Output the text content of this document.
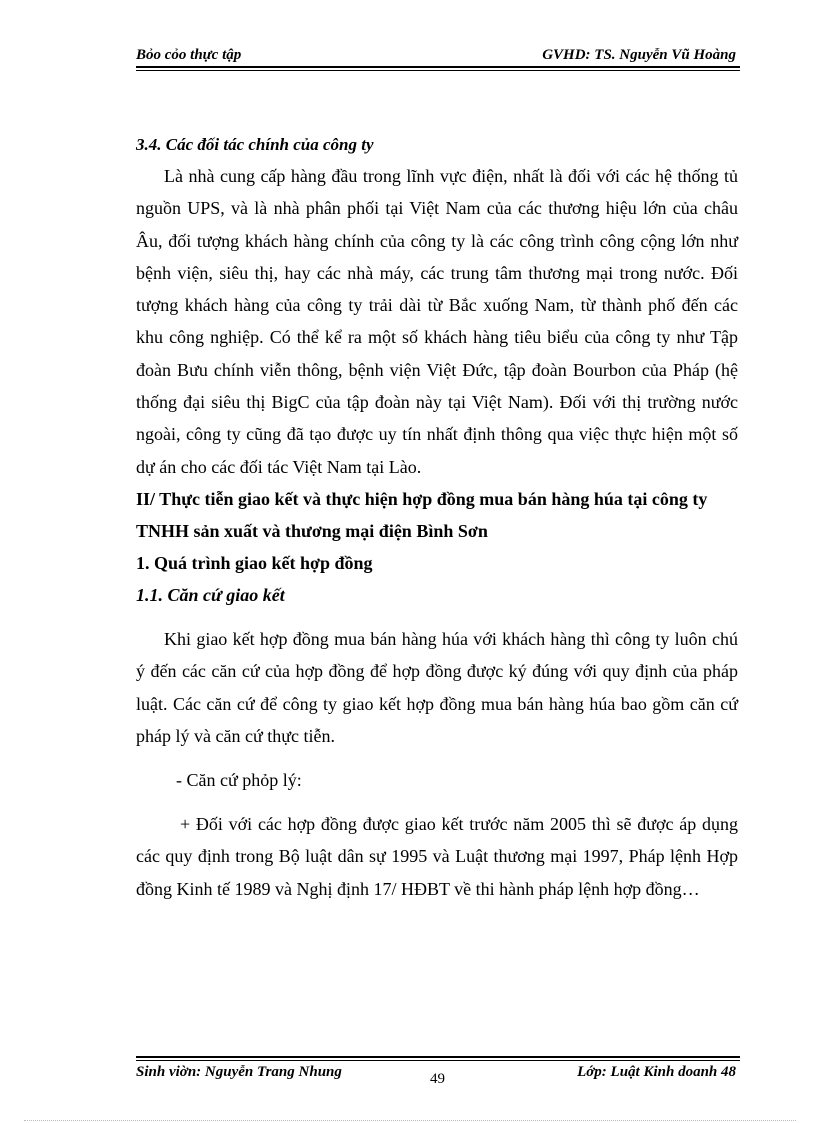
Bỏo cỏo thực tập	GVHD: TS. Nguyễn Vũ Hoàng

3.4. Các đối tác chính của công ty

Là nhà cung cấp hàng đầu trong lĩnh vực điện, nhất là đối với các hệ thống tủ nguồn UPS, và là nhà phân phối tại Việt Nam của các thương hiệu lớn của châu Âu, đối tượng khách hàng chính của công ty là các công trình công cộng lớn như bệnh viện, siêu thị, hay các nhà máy, các trung tâm thương mại trong nước. Đối tượng khách hàng của công ty trải dài từ Bắc xuống Nam, từ thành phố đến các khu công nghiệp. Có thể kể ra một số khách hàng tiêu biểu của công ty như Tập đoàn Bưu chính viễn thông, bệnh viện Việt Đức, tập đoàn Bourbon của Pháp (hệ thống đại siêu thị BigC của tập đoàn này tại Việt Nam). Đối với thị trường nước ngoài, công ty cũng đã tạo được uy tín nhất định thông qua việc thực hiện một số dự án cho các đối tác Việt Nam tại Lào.

II/ Thực tiễn giao kết và thực hiện hợp đồng mua bán hàng húa tại công ty TNHH sản xuất và thương mại điện Bình Sơn

1. Quá trình giao kết hợp đồng

1.1. Căn cứ giao kết

Khi giao kết hợp đồng mua bán hàng húa với khách hàng thì công ty luôn chú ý đến các căn cứ của hợp đồng để hợp đồng được ký đúng với quy định của pháp luật. Các căn cứ để công ty giao kết hợp đồng mua bán hàng húa bao gồm căn cứ pháp lý và căn cứ thực tiễn.

- Căn cứ phỏp lý:

+ Đối với các hợp đồng được giao kết trước năm 2005 thì sẽ được áp dụng các quy định trong Bộ luật dân sự 1995 và Luật thương mại 1997, Pháp lệnh Hợp đồng Kinh tế 1989 và Nghị định 17/ HĐBT về thi hành pháp lệnh hợp đồng…

Sinh viờn: Nguyễn Trang Nhung	49	Lớp: Luật Kinh doanh 48
